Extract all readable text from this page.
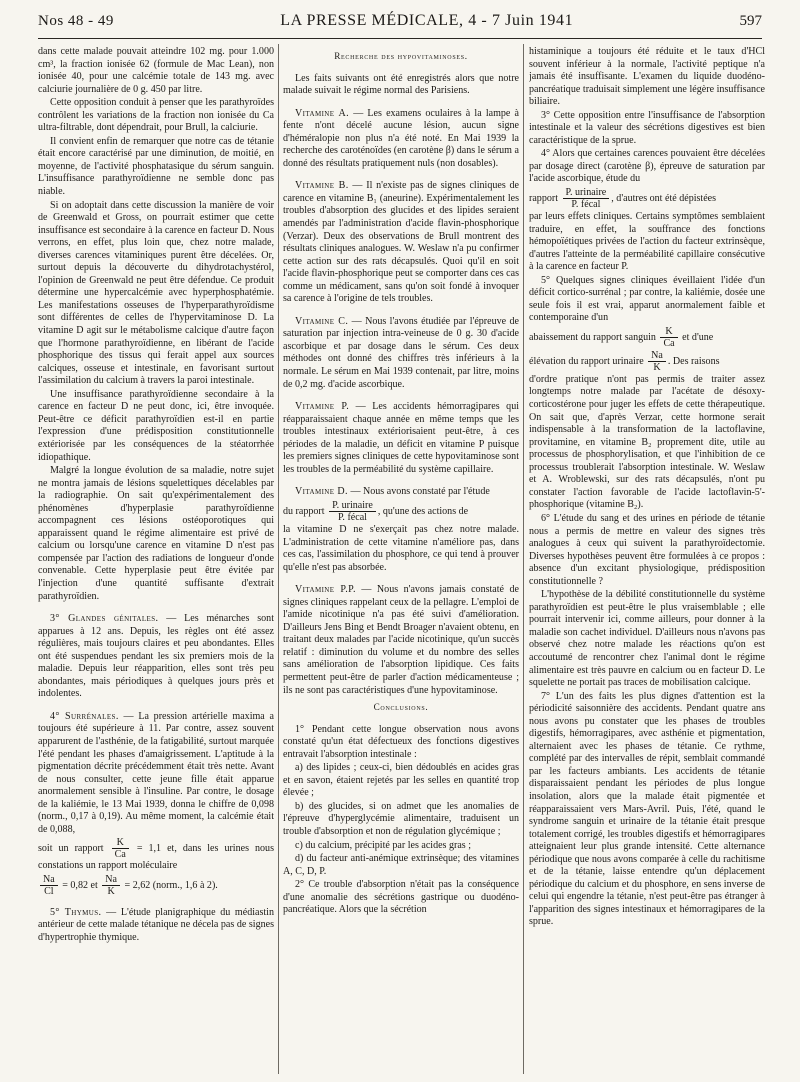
Nos 48 - 49	LA PRESSE MÉDICALE, 4 - 7 Juin 1941	597

dans cette malade pouvait atteindre 102 mg. pour 1.000 cm³, la fraction ionisée 62 (formule de Mac Lean), non ionisée 40, pour une calcémie totale de 143 mg. avec calciurie journalière de 0 g. 450 par litre.

Cette opposition conduit à penser que les parathyroïdes contrôlent les variations de la fraction non ionisée du Ca ultra-filtrable, dont dépendrait, pour Brull, la calciurie.

Il convient enfin de remarquer que notre cas de tétanie était encore caractérisé par une diminution, de moitié, en moyenne, de l'activité phosphatasique du sérum sanguin. L'insuffisance parathyroïdienne ne semble donc pas niable.

Si on adoptait dans cette discussion la manière de voir de Greenwald et Gross, on pourrait estimer que cette insuffisance est secondaire à la carence en facteur D. Nous verrons, en effet, plus loin que, chez notre malade, diverses carences vitaminiques purent être décelées. Or, surtout depuis la découverte du dihydrotachystérol, l'opinion de Greenwald ne peut être défendue. Ce produit détermine une hypercalcémie avec hyperphosphatémie. Les manifestations osseuses de l'hyperparathyroïdisme sont différentes de celles de l'hypervitaminose D. La vitamine D agit sur le métabolisme calcique d'autre façon que l'hormone parathyroïdienne, en libérant de l'acide phosphorique des tissus qui ferait appel aux sources calciques, osseuse et intestinale, en favorisant surtout l'assimilation du calcium à travers la paroi intestinale.

Une insuffisance parathyroïdienne secondaire à la carence en facteur D ne peut donc, ici, être invoquée. Peut-être ce déficit parathyroïdien est-il en partie l'expression d'une prédisposition constitutionnelle extériorisée par les conséquences de la stéatorrhée idiopathique.

Malgré la longue évolution de sa maladie, notre sujet ne montra jamais de lésions squelettiques décelables par la radiographie. On sait qu'expérimentalement des phénomènes d'hyperplasie parathyroïdienne accompagnent ces lésions ostéoporotiques qui apparaissent quand le régime alimentaire est privé de calcium ou lorsqu'une carence en vitamine D n'est pas compensée par l'action des radiations de longueur d'onde convenable. Cette hyperplasie peut être évitée par l'injection d'une quantité suffisante d'extrait parathyroïdien.

3° Glandes génitales. — Les ménarches sont apparues à 12 ans. Depuis, les règles ont été assez régulières, mais toujours claires et peu abondantes. Elles ont été suspendues pendant les six premiers mois de la maladie. Depuis leur réapparition, elles sont très peu abondantes, mais périodiques à quelques jours près et indolentes.

4° Surrénales. — La pression artérielle maxima a toujours été supérieure à 11. Par contre, assez souvent apparurent de l'asthénie, de la fatigabilité, surtout marquée l'été pendant les phases d'amaigrissement. L'aptitude à la pigmentation décrite précédemment était très nette. Avant de nous consulter, cette jeune fille était apparue anormalement sensible à l'insuline. Par contre, le dosage de la kaliémie, le 13 Mai 1939, donna le chiffre de 0,098 (norm., 0,17 à 0,19). Au même moment, la calcémie était de 0,088,

soit un rapport $\frac{K}{Ca} = 1,1$ et, dans les urines nous constations un rapport moléculaire

$\frac{Na}{Cl} = 0,82$ et $\frac{Na}{K} = 2,62$ (norm., 1,6 à 2).

5° Thymus. — L'étude planigraphique du médiastin antérieur de cette malade tétanique ne décela pas de signes d'hypertrophie thymique.

Recherche des hypovitaminoses.

Les faits suivants ont été enregistrés alors que notre malade suivait le régime normal des Parisiens.

Vitamine A. — Les examens oculaires à la lampe à fente n'ont décelé aucune lésion, aucun signe d'héméralopie non plus n'a été noté. En Mai 1939 la recherche des caroténoïdes (en carotène β) dans le sérum a donné des résultats pratiquement nuls (non dosables).

Vitamine B. — Il n'existe pas de signes cliniques de carence en vitamine B₁ (aneurine). Expérimentalement les troubles d'absorption des glucides et des lipides seraient amendés par l'administration d'acide flavin-phosphorique (Verzar). Deux des observations de Brull montrent des résultats cliniques analogues. W. Weslaw n'a pu confirmer cette action sur des rats décapsulés. Quoi qu'il en soit l'acide flavin-phosphorique peut se comporter dans ces cas comme un médicament, sans qu'on soit fondé à invoquer sa carence à l'origine de tels troubles.

Vitamine C. — Nous l'avons étudiée par l'épreuve de saturation par injection intra-veineuse de 0 g. 30 d'acide ascorbique et par dosage dans le sérum. Ces deux méthodes ont donné des chiffres très inférieurs à la normale. Le sérum en Mai 1939 contenait, par litre, moins de 0,2 mg. d'acide ascorbique.

Vitamine P. — Les accidents hémorragipares qui réapparaissaient chaque année en même temps que les troubles intestinaux extériorisaient peut-être, à ces périodes de la maladie, un déficit en vitamine P puisque les premiers signes cliniques de cette hypovitaminose sont les troubles de la perméabilité du système capillaire.

Vitamine D. — Nous avons constaté par l'étude

du rapport $\frac{\text{P. urinaire}}{\text{P. fécal}}$ , qu'une des actions de

la vitamine D ne s'exerçait pas chez notre malade. L'administration de cette vitamine n'améliore pas, dans ces cas, l'assimilation du phosphore, ce qui tend à prouver qu'elle n'est pas absorbée.

Vitamine P.P. — Nous n'avons jamais constaté de signes cliniques rappelant ceux de la pellagre. L'emploi de l'amide nicotinique n'a pas été suivi d'amélioration. D'ailleurs Jens Bing et Bendt Broager n'avaient obtenu, en traitant deux malades par l'acide nicotinique, qu'un succès relatif : diminution du volume et du nombre des selles sans amélioration de l'absorption lipidique. Ces faits permettent peut-être de parler d'action médicamenteuse ; ils ne sont pas caractéristiques d'une hypovitaminose.

Conclusions.

1° Pendant cette longue observation nous avons constaté qu'un état défectueux des fonctions digestives entravait l'absorption intestinale :

a) des lipides ; ceux-ci, bien dédoublés en acides gras et en savon, étaient rejetés par les selles en quantité trop élevée ;

b) des glucides, si on admet que les anomalies de l'épreuve d'hyperglycémie alimentaire, traduisent un trouble d'absorption et non de régulation glycémique ;

c) du calcium, précipité par les acides gras ;

d) du facteur anti-anémique extrinsèque; des vitamines A, C, D, P.

2° Ce trouble d'absorption n'était pas la conséquence d'une anomalie des sécrétions gastrique ou duodéno-pancréatique. Alors que la sécrétion

histaminique a toujours été réduite et le taux d'HCl souvent inférieur à la normale, l'activité peptique n'a jamais été insuffisante. L'examen du liquide duodéno-pancréatique traduisait simplement une légère insuffisance biliaire.

3° Cette opposition entre l'insuffisance de l'absorption intestinale et la valeur des sécrétions digestives est bien caractéristique de la sprue.

4° Alors que certaines carences pouvaient être décelées par dosage direct (carotène β), épreuve de saturation par l'acide ascorbique, étude du

rapport $\frac{\text{P. urinaire}}{\text{P. fécal}}$ , d'autres ont été dépistées

par leurs effets cliniques. Certains symptômes semblaient traduire, en effet, la souffrance des fonctions hémopoïétiques privées de l'action du facteur extrinsèque, d'autres l'atteinte de la perméabilité capillaire consécutive à la carence en facteur P.

5° Quelques signes cliniques éveillaient l'idée d'un déficit cortico-surrénal ; par contre, la kaliémie, dosée une seule fois il est vrai, apparut anormalement faible et contemporaine d'un

abaissement du rapport sanguin $\frac{K}{Ca}$ et d'une

élévation du rapport urinaire $\frac{Na}{K}$ . Des raisons

d'ordre pratique n'ont pas permis de traiter assez longtemps notre malade par l'acétate de désoxy-corticostérone pour juger les effets de cette thérapeutique. On sait que, d'après Verzar, cette hormone serait indispensable à la transformation de la lactoflavine, provitamine, en vitamine B₂ proprement dite, utile au processus de phosphorylisation, et que l'inhibition de ce processus troublerait l'absorption intestinale. W. Weslaw et A. Wroblewski, sur des rats décapsulés, n'ont pu constater l'action favorable de l'acide lactoflavin-5'-phosphorique (vitamine B₂).

6° L'étude du sang et des urines en période de tétanie nous a permis de mettre en valeur des signes très analogues à ceux qui suivent la parathyroïdectomie. Diverses hypothèses peuvent être formulées à ce propos : absence d'un excitant physiologique, prédisposition constitutionnelle ?

L'hypothèse de la débilité constitutionnelle du système parathyroïdien est peut-être le plus vraisemblable ; elle pourrait intervenir ici, comme ailleurs, pour donner à la maladie son cachet individuel. D'ailleurs nous n'avons pas observé chez notre malade les réactions qu'on est accoutumé de rencontrer chez l'animal dont le régime alimentaire est très pauvre en calcium ou en facteur D. Le squelette ne portait pas traces de mobilisation calcique.

7° L'un des faits les plus dignes d'attention est la périodicité saisonnière des accidents. Pendant quatre ans nous avons pu constater que les phases de troubles digestifs, hémorragipares, avec asthénie et pigmentation, alternaient avec les phases de tétanie. Ce rythme, complété par des intervalles de répit, semblait commandé par les facteurs ambiants. Les accidents de tétanie disparaissaient pendant les périodes de plus longue insolation, alors que la malade était pigmentée et réapparaissaient vers Mars-Avril. Puis, l'été, quand le syndrome sanguin et urinaire de la tétanie était presque totalement corrigé, les troubles digestifs et hémorragipares atteignaient leur plus grande intensité. Cette alternance périodique que nous avons comparée à celle du rachitisme et de la tétanie, laisse entendre qu'un déplacement périodique du calcium et du phosphore, en sens inverse de celui qui engendre la tétanie, n'est peut-être pas étranger à l'apparition des signes intestinaux et hémorragipares de la sprue.
